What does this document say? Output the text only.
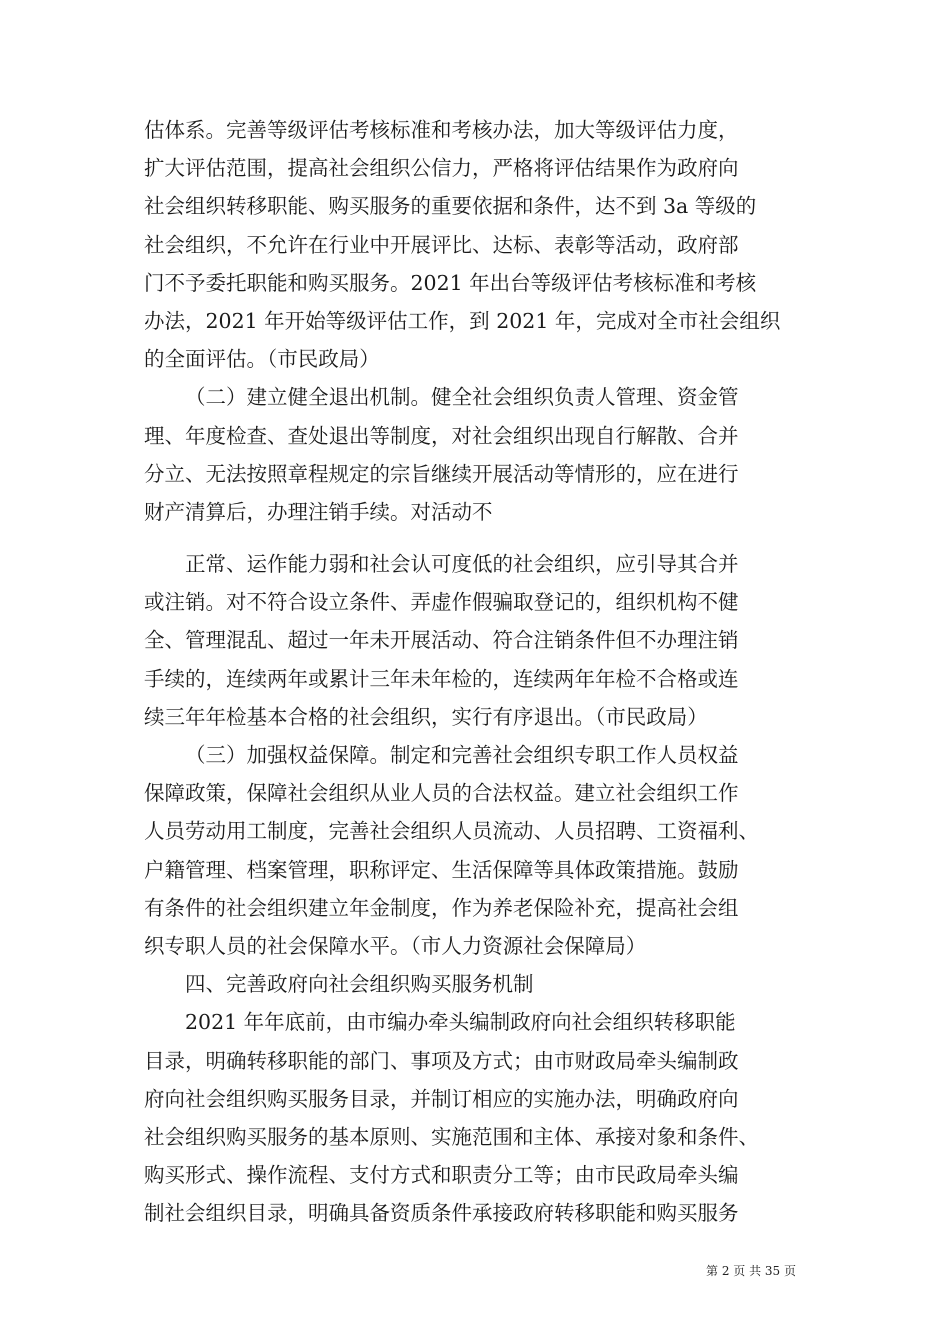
估体系。完善等级评估考核标准和考核办法，加大等级评估力度，
扩大评估范围，提高社会组织公信力，严格将评估结果作为政府向
社会组织转移职能、购买服务的重要依据和条件，达不到 3a 等级的
社会组织，不允许在行业中开展评比、达标、表彰等活动，政府部
门不予委托职能和购买服务。2021 年出台等级评估考核标准和考核
办法，2021 年开始等级评估工作，到 2021 年，完成对全市社会组织
的全面评估。（市民政局）
（二）建立健全退出机制。健全社会组织负责人管理、资金管
理、年度检查、查处退出等制度，对社会组织出现自行解散、合并
分立、无法按照章程规定的宗旨继续开展活动等情形的，应在进行
财产清算后，办理注销手续。对活动不
正常、运作能力弱和社会认可度低的社会组织，应引导其合并
或注销。对不符合设立条件、弄虚作假骗取登记的，组织机构不健
全、管理混乱、超过一年未开展活动、符合注销条件但不办理注销
手续的，连续两年或累计三年未年检的，连续两年年检不合格或连
续三年年检基本合格的社会组织，实行有序退出。（市民政局）
（三）加强权益保障。制定和完善社会组织专职工作人员权益
保障政策，保障社会组织从业人员的合法权益。建立社会组织工作
人员劳动用工制度，完善社会组织人员流动、人员招聘、工资福利、
户籍管理、档案管理，职称评定、生活保障等具体政策措施。鼓励
有条件的社会组织建立年金制度，作为养老保险补充，提高社会组
织专职人员的社会保障水平。（市人力资源社会保障局）
四、完善政府向社会组织购买服务机制
2021 年年底前，由市编办牵头编制政府向社会组织转移职能
目录，明确转移职能的部门、事项及方式；由市财政局牵头编制政
府向社会组织购买服务目录，并制订相应的实施办法，明确政府向
社会组织购买服务的基本原则、实施范围和主体、承接对象和条件、
购买形式、操作流程、支付方式和职责分工等；由市民政局牵头编
制社会组织目录，明确具备资质条件承接政府转移职能和购买服务
第 2 页 共 35 页
